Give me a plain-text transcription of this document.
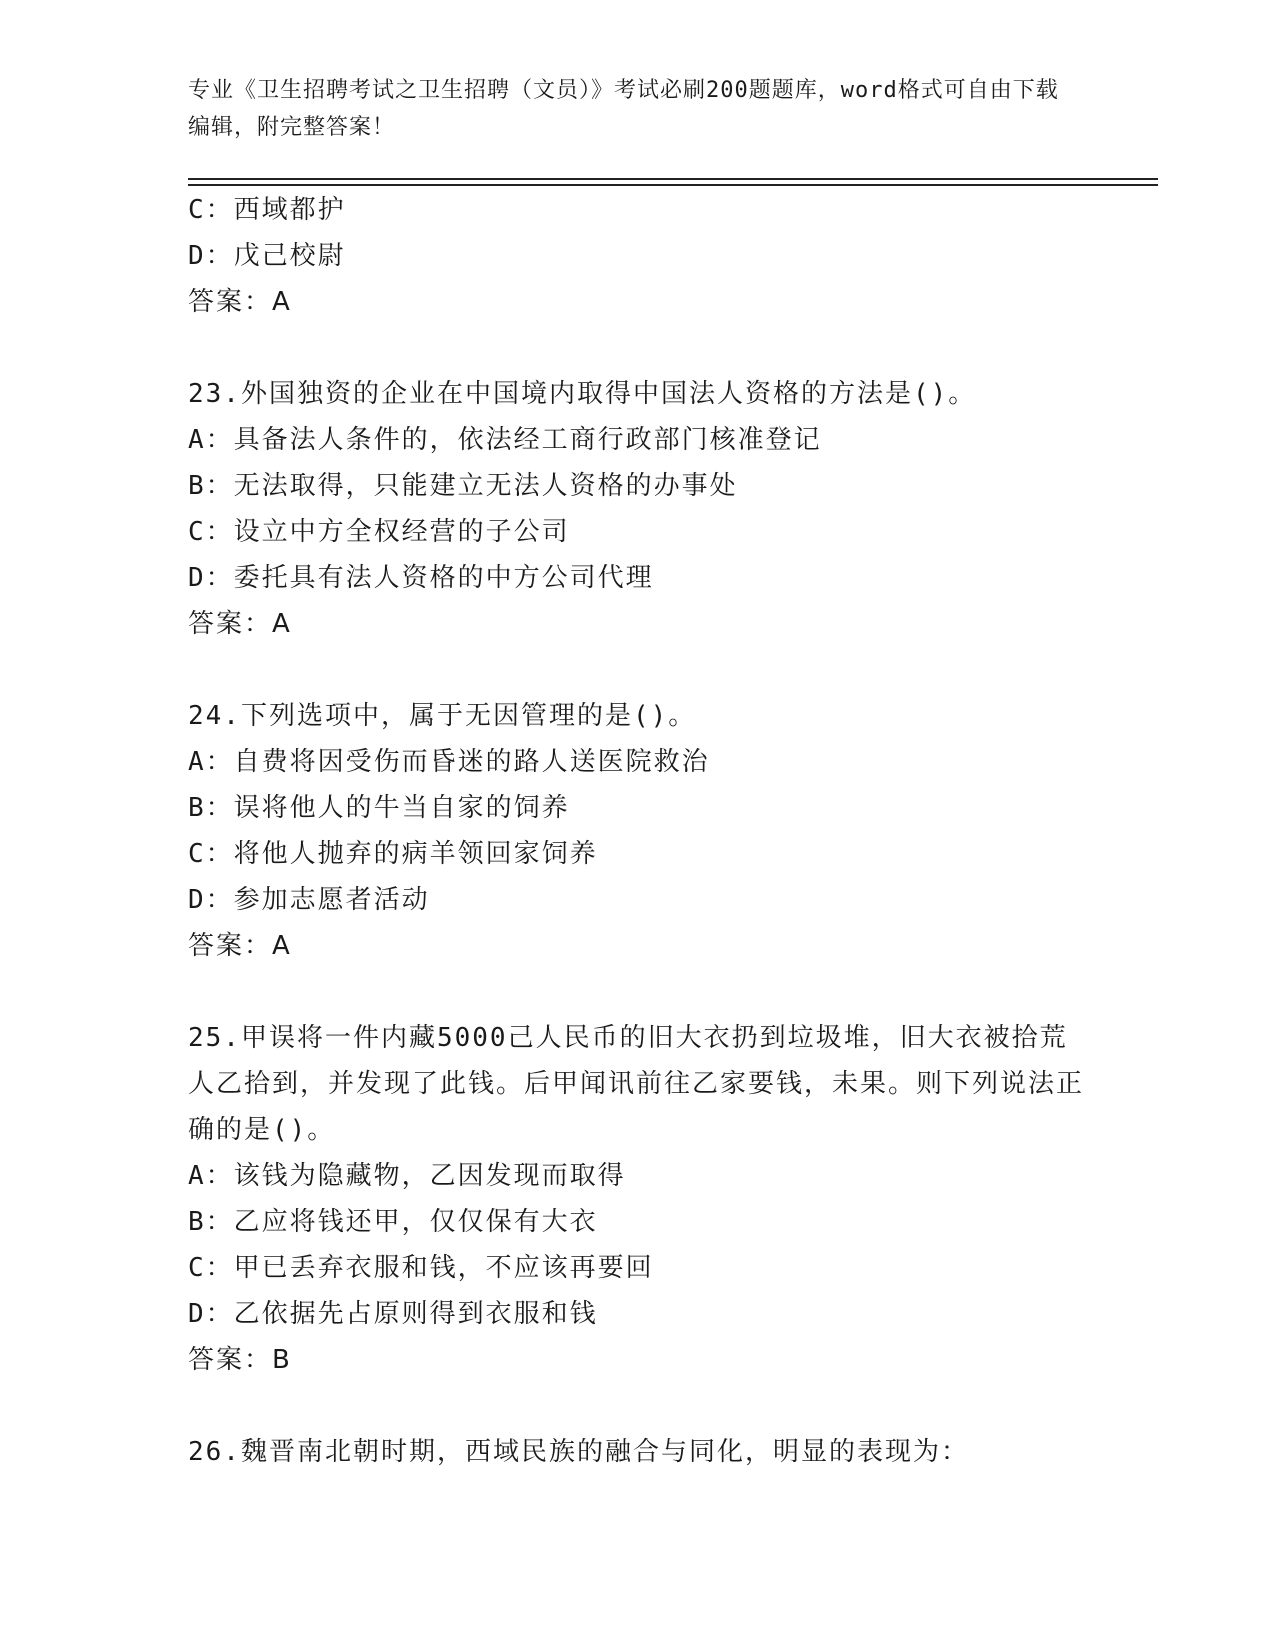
专业《卫生招聘考试之卫生招聘（文员）》考试必刷200题题库，word格式可自由下载编辑，附完整答案！
C：西域都护
D：戊己校尉
答案：A
23.外国独资的企业在中国境内取得中国法人资格的方法是()。
A：具备法人条件的，依法经工商行政部门核准登记
B：无法取得，只能建立无法人资格的办事处
C：设立中方全权经营的子公司
D：委托具有法人资格的中方公司代理
答案：A
24.下列选项中，属于无因管理的是()。
A：自费将因受伤而昏迷的路人送医院救治
B：误将他人的牛当自家的饲养
C：将他人抛弃的病羊领回家饲养
D：参加志愿者活动
答案：A
25.甲误将一件内藏5000己人民币的旧大衣扔到垃圾堆，旧大衣被拾荒人乙拾到，并发现了此钱。后甲闻讯前往乙家要钱，未果。则下列说法正确的是()。
A：该钱为隐藏物，乙因发现而取得
B：乙应将钱还甲，仅仅保有大衣
C：甲已丢弃衣服和钱，不应该再要回
D：乙依据先占原则得到衣服和钱
答案：B
26.魏晋南北朝时期，西域民族的融合与同化，明显的表现为：
